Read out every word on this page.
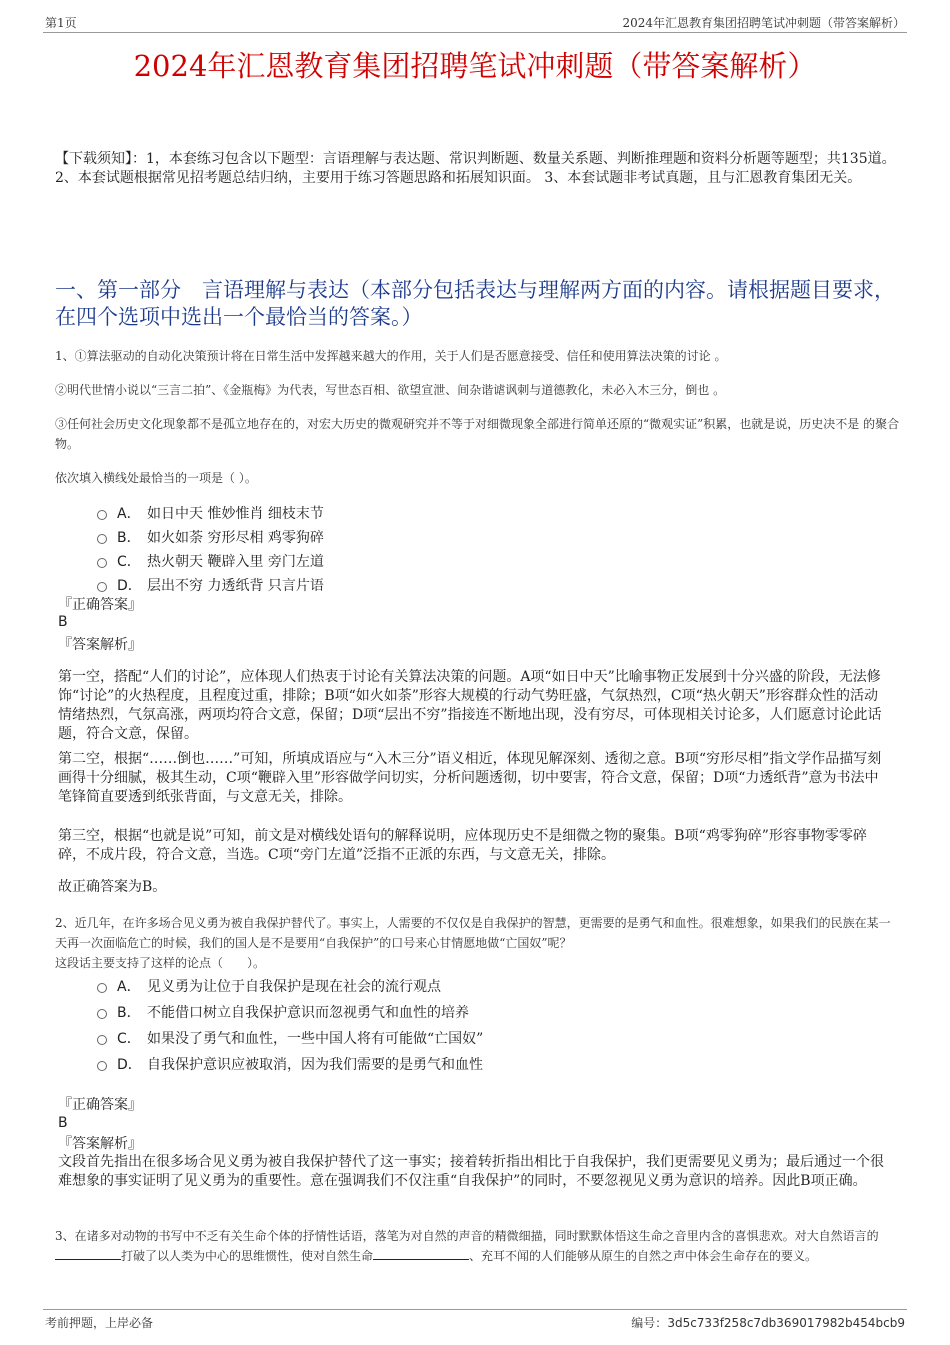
第1页	2024年汇恩教育集团招聘笔试冲刺题（带答案解析）
2024年汇恩教育集团招聘笔试冲刺题（带答案解析）

【下载须知】：1，本套练习包含以下题型：言语理解与表达题、常识判断题、数量关系题、判断推理题和资料分析题等题型；共135道。 2、本套试题根据常见招考题总结归纳，主要用于练习答题思路和拓展知识面。 3、本套试题非考试真题，且与汇恩教育集团无关。

一、第一部分　言语理解与表达（本部分包括表达与理解两方面的内容。请根据题目要求，在四个选项中选出一个最恰当的答案。）
1、①算法驱动的自动化决策预计将在日常生活中发挥越来越大的作用，关于人们是否愿意接受、信任和使用算法决策的讨论 。
②明代世情小说以“三言二拍”、《金瓶梅》为代表，写世态百相、欲望宣泄、间杂谐谑讽刺与道德教化，未必入木三分，倒也 。
③任何社会历史文化现象都不是孤立地存在的，对宏大历史的微观研究并不等于对细微现象全部进行简单还原的“微观实证”积累，也就是说，历史决不是 的聚合物。
依次填入横线处最恰当的一项是（ ）。
A． 如日中天 惟妙惟肖 细枝末节
B． 如火如荼 穷形尽相 鸡零狗碎
C． 热火朝天 鞭辟入里 旁门左道
D． 层出不穷 力透纸背 只言片语
『正确答案』
B
『答案解析』

第一空，搭配“人们的讨论”，应体现人们热衷于讨论有关算法决策的问题。A项“如日中天”比喻事物正发展到十分兴盛的阶段，无法修饰“讨论”的火热程度，且程度过重，排除；B项“如火如荼”形容大规模的行动气势旺盛，气氛热烈，C项“热火朝天”形容群众性的活动情绪热烈，气氛高涨，两项均符合文意，保留；D项“层出不穷”指接连不断地出现，没有穷尽，可体现相关讨论多，人们愿意讨论此话题，符合文意，保留。

第二空，根据“……倒也……”可知，所填成语应与“入木三分”语义相近，体现见解深刻、透彻之意。B项“穷形尽相”指文学作品描写刻画得十分细腻，极其生动，C项“鞭辟入里”形容做学问切实，分析问题透彻，切中要害，符合文意，保留；D项“力透纸背”意为书法中笔锋简直要透到纸张背面，与文意无关，排除。

第三空，根据“也就是说”可知，前文是对横线处语句的解释说明，应体现历史不是细微之物的聚集。B项“鸡零狗碎”形容事物零零碎碎，不成片段，符合文意，当选。C项“旁门左道”泛指不正派的东西，与文意无关，排除。

故正确答案为B。

2、近几年，在许多场合见义勇为被自我保护替代了。事实上，人需要的不仅仅是自我保护的智慧，更需要的是勇气和血性。很难想象，如果我们的民族在某一天再一次面临危亡的时候，我们的国人是不是要用“自我保护”的口号来心甘情愿地做“亡国奴”呢？
这段话主要支持了这样的论点（　　）。
A． 见义勇为让位于自我保护是现在社会的流行观点
B． 不能借口树立自我保护意识而忽视勇气和血性的培养
C． 如果没了勇气和血性，一些中国人将有可能做“亡国奴”
D． 自我保护意识应被取消，因为我们需要的是勇气和血性
『正确答案』
B
『答案解析』

文段首先指出在很多场合见义勇为被自我保护替代了这一事实；接着转折指出相比于自我保护，我们更需要见义勇为；最后通过一个很难想象的事实证明了见义勇为的重要性。意在强调我们不仅注重“自我保护”的同时，不要忽视见义勇为意识的培养。因此B项正确。

3、在诸多对动物的书写中不乏有关生命个体的抒情性话语，落笔为对自然的声音的精微细描，同时默默体悟这生命之音里内含的喜惧悲欢。对大自然语言的打破了以人类为中心的思维惯性，使对自然生命	、充耳不闻的人们能够从原生的自然之声中体会生命存在的要义。
考前押题，上岸必备	编号：3d5c733f258c7db369017982b454bcb9
